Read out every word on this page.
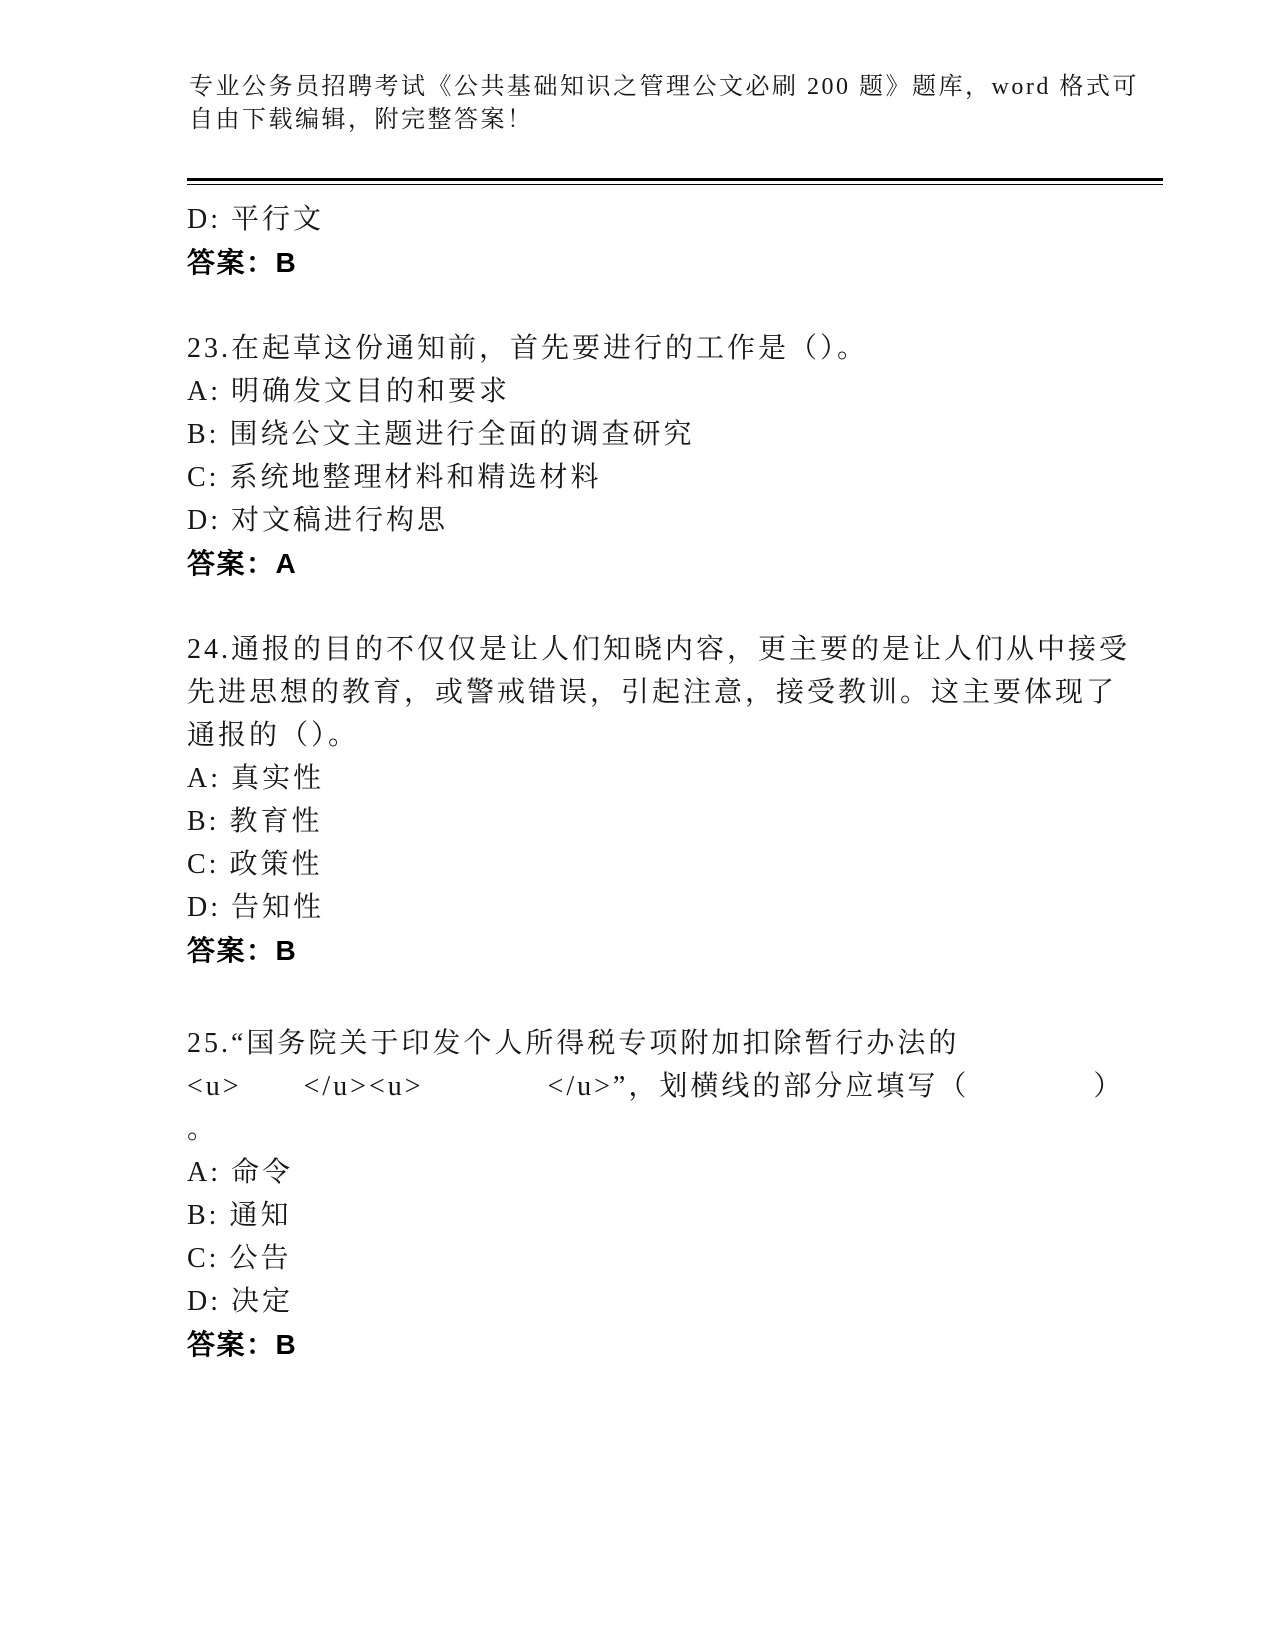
专业公务员招聘考试《公共基础知识之管理公文必刷 200 题》题库，word 格式可
自由下载编辑，附完整答案！
D: 平行文
答案：B
23.在起草这份通知前，首先要进行的工作是（）。
A: 明确发文目的和要求
B: 围绕公文主题进行全面的调查研究
C: 系统地整理材料和精选材料
D: 对文稿进行构思
答案：A
24.通报的目的不仅仅是让人们知晓内容，更主要的是让人们从中接受
先进思想的教育，或警戒错误，引起注意，接受教训。这主要体现了
通报的（）。
A: 真实性
B: 教育性
C: 政策性
D: 告知性
答案：B
25.“国务院关于印发个人所得税专项附加扣除暂行办法的
<u>　　</u><u>　　　　</u>”，划横线的部分应填写（　　　　）
。
A: 命令
B: 通知
C: 公告
D: 决定
答案：B
